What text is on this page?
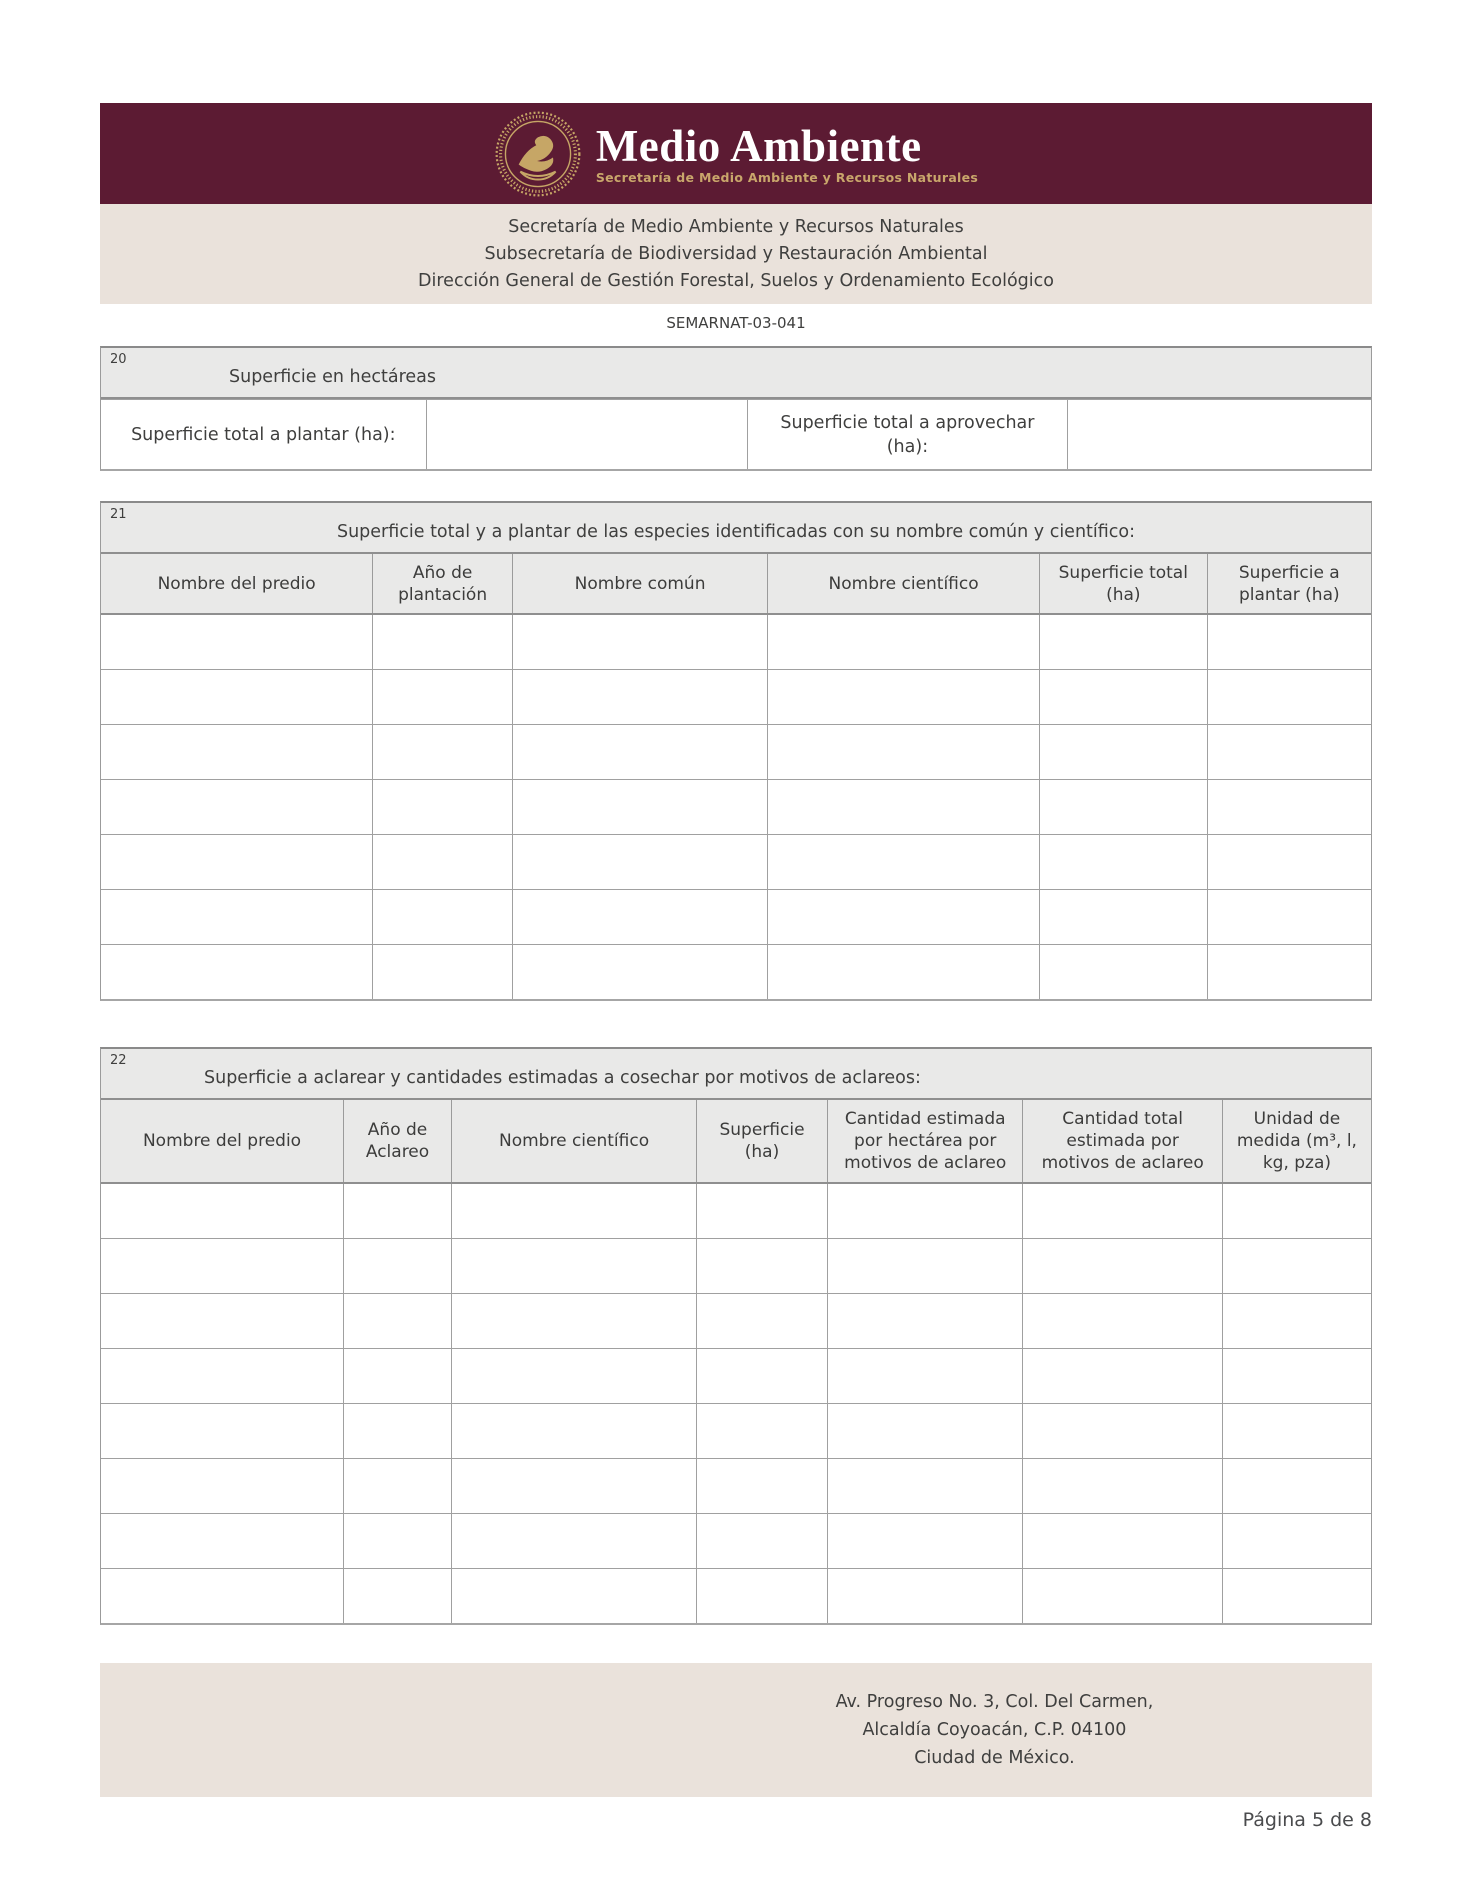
Medio Ambiente
Secretaría de Medio Ambiente y Recursos Naturales
Secretaría de Medio Ambiente y Recursos Naturales
Subsecretaría de Biodiversidad y Restauración Ambiental
Dirección General de Gestión Forestal, Suelos y Ordenamiento Ecológico
SEMARNAT-03-041
20
Superficie en hectáreas
Superficie total a plantar (ha):		Superficie total a aprovechar (ha):	
21
Superficie total y a plantar de las especies identificadas con su nombre común y científico:
Nombre del predio	Año de plantación	Nombre común	Nombre científico	Superficie total (ha)	Superficie a plantar (ha)

22
Superficie a aclarear y cantidades estimadas a cosechar por motivos de aclareos:
Nombre del predio	Año de Aclareo	Nombre científico	Superficie (ha)	Cantidad estimada por hectárea por motivos de aclareo	Cantidad total estimada por motivos de aclareo	Unidad de medida (m³, l, kg, pza)

Av. Progreso No. 3, Col. Del Carmen,
Alcaldía Coyoacán, C.P. 04100
Ciudad de México.
Página 5 de 8
